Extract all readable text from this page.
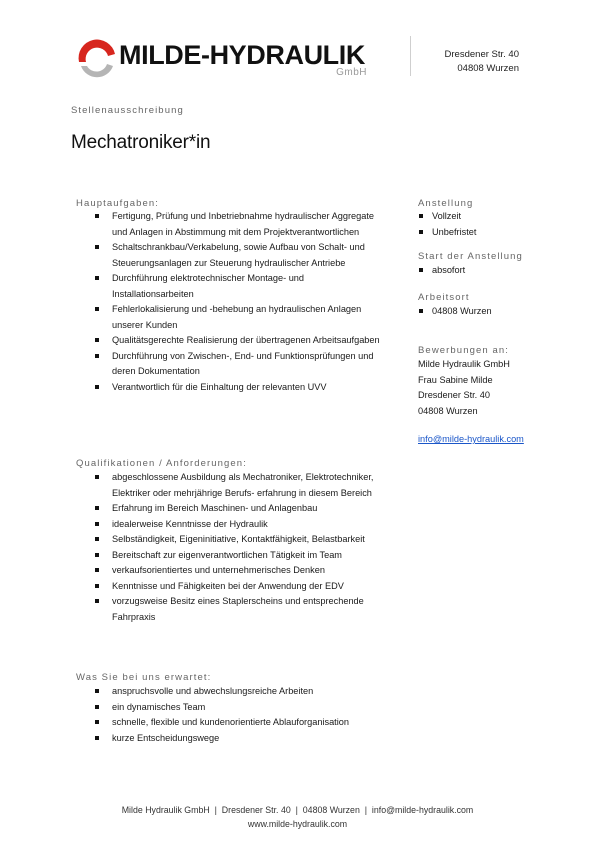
MILDE-HYDRAULIK
GmbH
Dresdener Str. 40
04808 Wurzen
Stellenausschreibung
Mechatroniker*in
Hauptaufgaben:
Fertigung, Prüfung und Inbetriebnahme hydraulischer Aggregate und Anlagen in Abstimmung mit dem Projektverantwortlichen
Schaltschrankbau/Verkabelung, sowie Aufbau von Schalt- und Steuerungsanlagen zur Steuerung hydraulischer Antriebe
Durchführung elektrotechnischer Montage- und Installationsarbeiten
Fehlerlokalisierung und -behebung an hydraulischen Anlagen unserer Kunden
Qualitätsgerechte Realisierung der übertragenen Arbeitsaufgaben
Durchführung von Zwischen-, End- und Funktionsprüfungen und deren Dokumentation
Verantwortlich für die Einhaltung der relevanten UVV
Qualifikationen / Anforderungen:
abgeschlossene Ausbildung als Mechatroniker, Elektrotechniker, Elektriker oder mehrjährige Berufs- erfahrung in diesem Bereich
Erfahrung im Bereich Maschinen- und Anlagenbau
idealerweise Kenntnisse der Hydraulik
Selbständigkeit, Eigeninitiative, Kontaktfähigkeit, Belastbarkeit
Bereitschaft zur eigenverantwortlichen Tätigkeit im Team
verkaufsorientiertes und unternehmerisches Denken
Kenntnisse und Fähigkeiten bei der Anwendung der EDV
vorzugsweise Besitz eines Staplerscheins und entsprechende Fahrpraxis
Was Sie bei uns erwartet:
anspruchsvolle und abwechslungsreiche Arbeiten
ein dynamisches Team
schnelle, flexible und kundenorientierte Ablauforganisation
kurze Entscheidungswege
Anstellung
Vollzeit
Unbefristet
Start der Anstellung
absofort
Arbeitsort
04808 Wurzen
Bewerbungen an:
Milde Hydraulik GmbH
Frau Sabine Milde
Dresdener Str. 40
04808 Wurzen
info@milde-hydraulik.com
Milde Hydraulik GmbH  |  Dresdener Str. 40  |  04808 Wurzen  |  info@milde-hydraulik.com
www.milde-hydraulik.com
